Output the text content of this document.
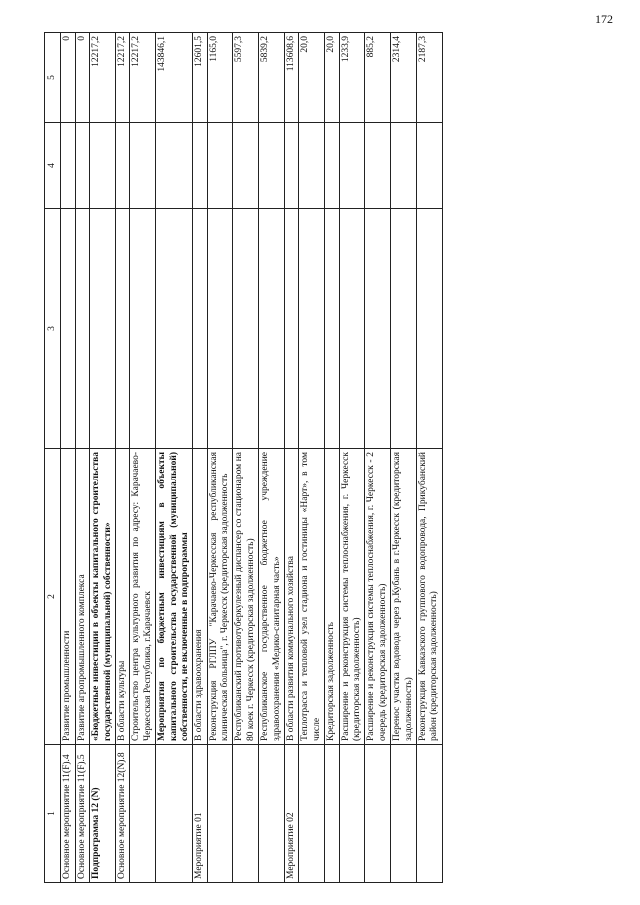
172
1	2	3	4	5
Основное мероприятие 11(F).4	Развитие промышленности			0
Основное мероприятие 11(F).5	Развитие агропромышленного комплекса			0
Подпрограмма 12 (N)	«Бюджетные инвестиции в объекты капитального строительства государственной (муниципальной) собственности»			12217,2
Основное мероприятие 12(N).8	В области культуры			12217,2
	Строительство центра культурного развития по адресу: Карачаево-Черкесская Республика, г.Карачаевск			12217,2
	Мероприятия по бюджетным инвестициям в объекты капитального строительства государственной (муниципальной) собственности, не включенные в подпрограммы			143846,1
Мероприятие 01	В области здравоохранения			12601,5
	Реконструкция РГЛПУ "Карачаево-Черкесская республиканская клиническая больница", г. Черкесск (кредиторская задолженность			1165,0
	Республиканский противотуберкулезный диспансер со стационаром на 80 коек г. Черкесск (кредиторская задолженность)			5597,3
	Республиканское государственное бюджетное учреждение здравоохранения «Медико-санитарная часть»			5839,2
Мероприятие 02	В области развития коммунального хозяйства			113608,6
	Теплотрасса и тепловой узел стадиона и гостиницы «Нарт», в том числе			20,0
	Кредиторская задолженность			20,0
	Расширение и реконструкция системы теплоснабжения, г. Черкесск (кредиторская задолженность)			1233,9
	Расширение и реконструкция системы теплоснабжения, г. Черкесск - 2 очередь (кредиторская задолженность)			885,2
	Перенос участка водовода через р.Кубань в г.Черкесск (кредиторская задолженность)			2314,4
	Реконструкция Кавказского группового водопровода, Прикубанский район (кредиторская задолженность)			2187,3
